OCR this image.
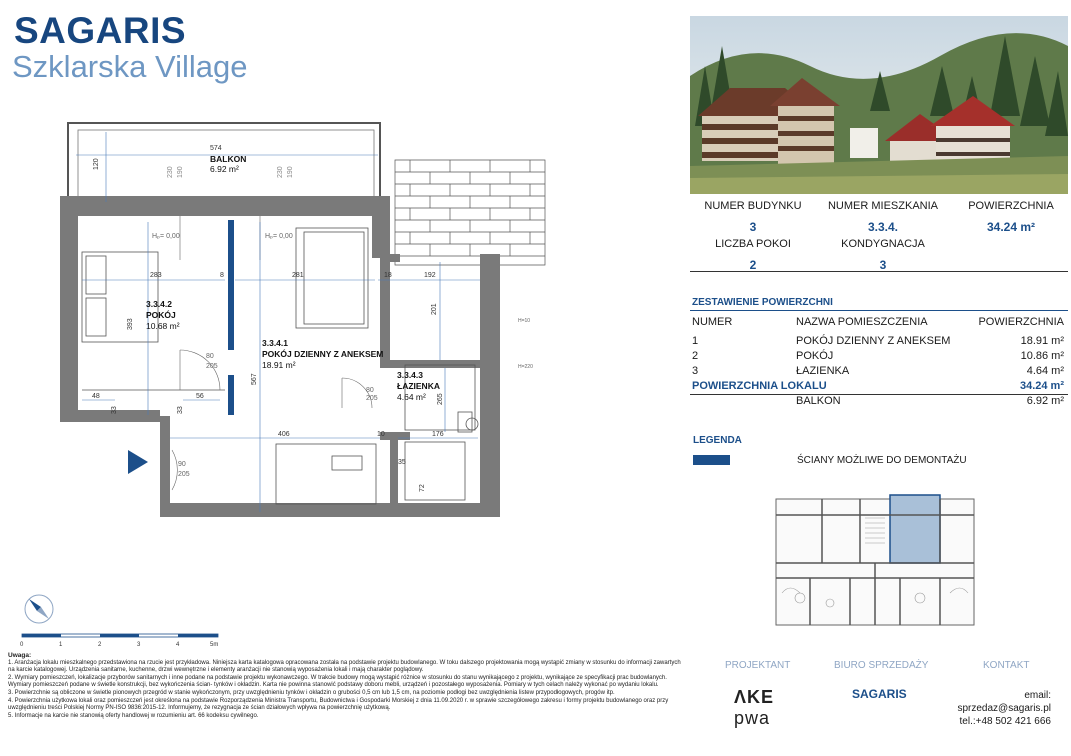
SAGARIS
Szklarska Village
NUMER BUDYNKU
3
NUMER MIESZKANIA
3.3.4.
POWIERZCHNIA
34.24 m²
LICZBA POKOI
2
KONDYGNACJA
3
ZESTAWIENIE POWIERZCHNI
NUMER	NAZWA POMIESZCZENIA	POWIERZCHNIA
1	POKÓJ DZIENNY Z ANEKSEM	18.91 m²
2	POKÓJ	10.86 m²
3	ŁAZIENKA	4.64 m²
POWIERZCHNIA LOKALU	34.24 m²
BALKON	6.92 m²
LEGENDA
ŚCIANY MOŻLIWE DO DEMONTAŻU
574
120
283	8	281	18	192
393
567
201
265
406	10	176
48	56
33	33
35
72
230 190	230 190
80
205
80
205
90
205
Hₚ= 0,00	Hₚ= 0,00
H=10
H=220
BALKON
6.92 m²
3.3.4.2
POKÓJ
10.68 m²
3.3.4.1
POKÓJ DZIENNY Z ANEKSEM
18.91 m²
3.3.4.3
ŁAZIENKA
4.64 m²
0	1	2	3	4	5m
Uwaga:
1. Aranżacja lokalu mieszkalnego przedstawiona na rzucie jest przykładowa. Niniejsza karta katalogowa opracowana została na podstawie projektu budowlanego. W toku dalszego projektowania mogą wystąpić zmiany w stosunku do informacji zawartych na karcie katalogowej. Urządzenia sanitarne, kuchenne, drzwi wewnętrzne i elementy aranżacji nie stanowią wyposażenia lokali i mają charakter poglądowy.
2. Wymiary pomieszczeń, lokalizacje przyborów sanitarnych i inne podane na podstawie projektu wykonawczego. W trakcie budowy mogą wystąpić różnice w stosunku do stanu wynikającego z projektu, wynikające ze specyfikacji prac budowlanych. Wymiary pomieszczeń podane w świetle konstrukcji, bez wykończenia ścian- tynków i okładzin. Karta nie powinna stanowić podstawy doboru mebli, urządzeń i pozostałego wyposażenia. Pomiary w tych celach należy wykonać po wydaniu lokalu.
3. Powierzchnie są obliczone w świetle pionowych przegród w stanie wykończonym, przy uwzględnieniu tynków i okładzin o grubości 0,5 cm lub 1,5 cm, na poziomie podłogi bez uwzględnienia listew przypodłogowych, progów itp.
4. Powierzchnia użytkowa lokali oraz pomieszczeń jest określona na podstawie Rozporządzenia Ministra Transportu, Budownictwa i Gospodarki Morskiej z dnia 11.09.2020 r. w sprawie szczegółowego zakresu i formy projektu budowlanego oraz przy uwzględnieniu treści Polskiej Normy PN-ISO 9836:2015-12. Informujemy, że rezygnacja ze ścian działowych wpływa na powierzchnię użytkową.
5. Informacje na karcie nie stanowią oferty handlowej w rozumieniu art. 66 kodeksu cywilnego.
PROJEKTANT	BIURO SPRZEDAŻY	KONTAKT
ΛKE
pwa
SAGARIS	email:
sprzedaz@sagaris.pl
tel.:+48 502 421 666
